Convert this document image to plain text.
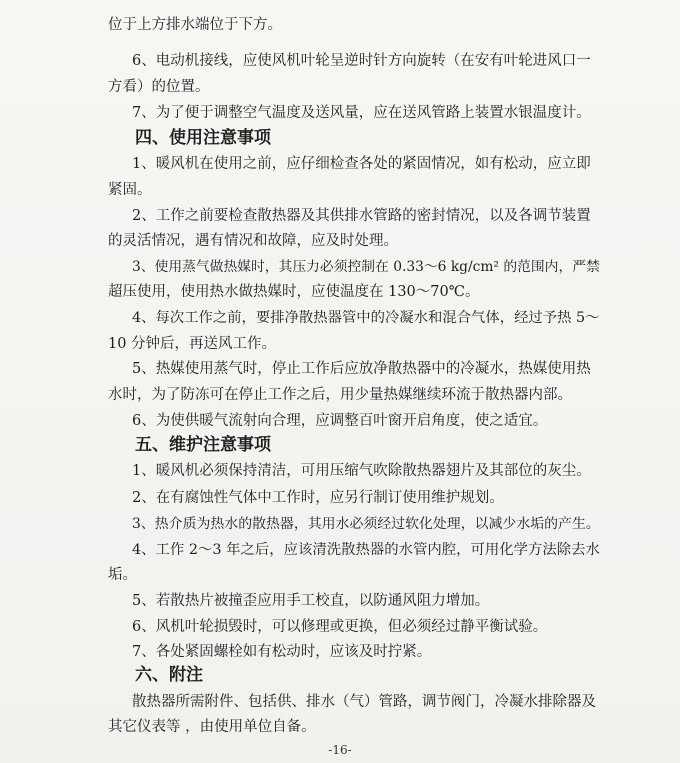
位于上方排水端位于下方。
6、电动机接线，应使风机叶轮呈逆时针方向旋转（在安有叶轮进风口一
方看）的位置。
7、为了便于调整空气温度及送风量，应在送风管路上装置水银温度计。
四、使用注意事项
1、暖风机在使用之前，应仔细检查各处的紧固情况，如有松动，应立即
紧固。
2、工作之前要检查散热器及其供排水管路的密封情况，以及各调节装置
的灵活情况，遇有情况和故障，应及时处理。
3、使用蒸气做热媒时，其压力必须控制在 0.33～6 kg/cm² 的范围内，严禁
超压使用，使用热水做热媒时，应使温度在 130～70℃。
4、每次工作之前，要排净散热器管中的冷凝水和混合气体，经过予热 5～
10 分钟后，再送风工作。
5、热媒使用蒸气时，停止工作后应放净散热器中的冷凝水，热媒使用热
水时，为了防冻可在停止工作之后，用少量热媒继续环流于散热器内部。
6、为使供暖气流射向合理，应调整百叶窗开启角度，使之适宜。
五、维护注意事项
1、暖风机必须保持清洁，可用压缩气吹除散热器翅片及其部位的灰尘。
2、在有腐蚀性气体中工作时，应另行制订使用维护规划。
3、热介质为热水的散热器，其用水必须经过软化处理，以减少水垢的产生。
4、工作 2～3 年之后，应该清洗散热器的水管内腔，可用化学方法除去水
垢。
5、若散热片被撞歪应用手工校直，以防通风阻力增加。
6、风机叶轮损毁时，可以修理或更换，但必须经过静平衡试验。
7、各处紧固螺栓如有松动时，应该及时拧紧。
六、附注
散热器所需附件、包括供、排水（气）管路，调节阀门，冷凝水排除器及
其它仪表等 ，由使用单位自备。
-16-
